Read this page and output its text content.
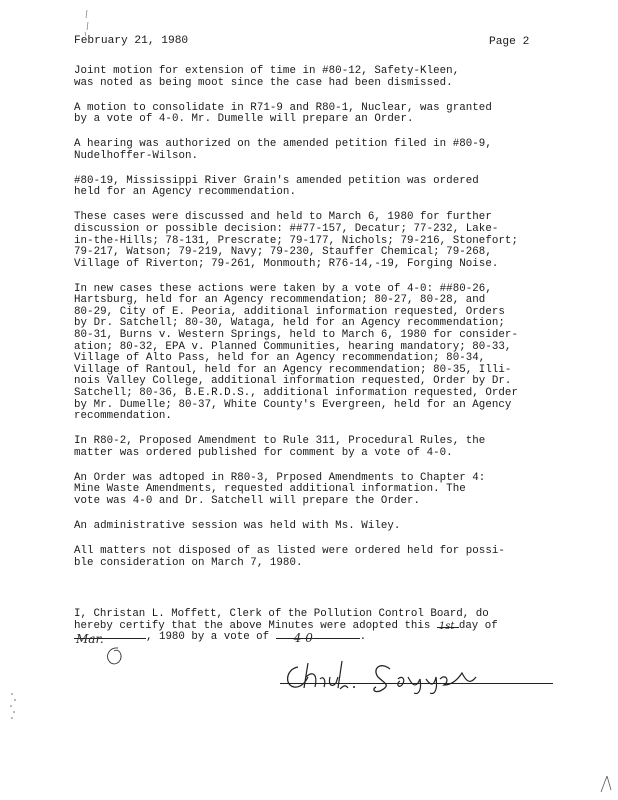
February 21, 1980	Page 2

Joint motion for extension of time in #80-12, Safety-Kleen,
was noted as being moot since the case had been dismissed.

A motion to consolidate in R71-9 and R80-1, Nuclear, was granted
by a vote of 4-0. Mr. Dumelle will prepare an Order.

A hearing was authorized on the amended petition filed in #80-9,
Nudelhoffer-Wilson.

#80-19, Mississippi River Grain's amended petition was ordered
held for an Agency recommendation.

These cases were discussed and held to March 6, 1980 for further
discussion or possible decision: ##77-157, Decatur; 77-232, Lake-
in-the-Hills; 78-131, Prescrate; 79-177, Nichols; 79-216, Stonefort;
79-217, Watson; 79-219, Navy; 79-230, Stauffer Chemical; 79-268,
Village of Riverton; 79-261, Monmouth; R76-14,-19, Forging Noise.

In new cases these actions were taken by a vote of 4-0: ##80-26,
Hartsburg, held for an Agency recommendation; 80-27, 80-28, and
80-29, City of E. Peoria, additional information requested, Orders
by Dr. Satchell; 80-30, Wataga, held for an Agency recommendation;
80-31, Burns v. Western Springs, held to March 6, 1980 for consider-
ation; 80-32, EPA v. Planned Communities, hearing mandatory; 80-33,
Village of Alto Pass, held for an Agency recommendation; 80-34,
Village of Rantoul, held for an Agency recommendation; 80-35, Illi-
nois Valley College, additional information requested, Order by Dr.
Satchell; 80-36, B.E.R.D.S., additional information requested, Order
by Mr. Dumelle; 80-37, White County's Evergreen, held for an Agency
recommendation.

In R80-2, Proposed Amendment to Rule 311, Procedural Rules, the
matter was ordered published for comment by a vote of 4-0.

An Order was adtoped in R80-3, Prposed Amendments to Chapter 4:
Mine Waste Amendments, requested additional information. The
vote was 4-0 and Dr. Satchell will prepare the Order.

An administrative session was held with Ms. Wiley.

All matters not disposed of as listed were ordered held for possi-
ble consideration on March 7, 1980.

I, Christan L. Moffett, Clerk of the Pollution Control Board, do
hereby certify that the above Minutes were adopted this 1st day of
Mar.	, 1980 by a vote of 4-0	.
